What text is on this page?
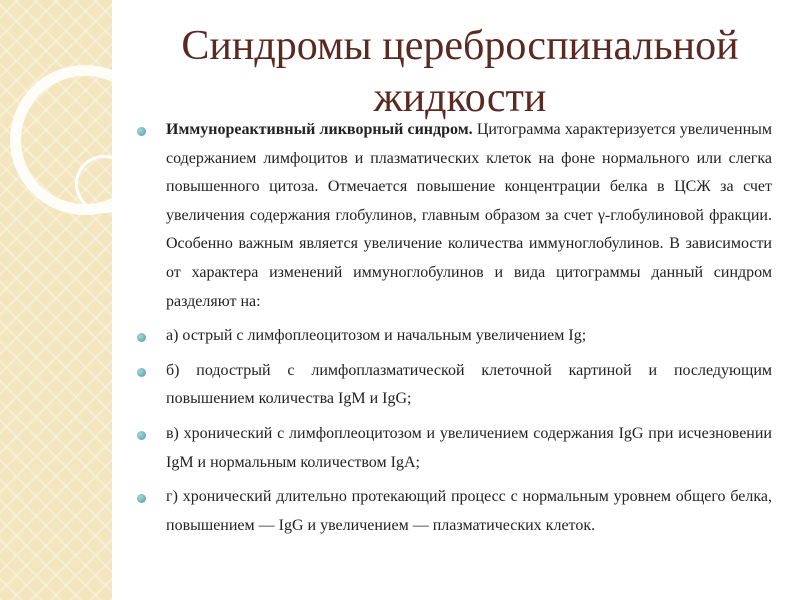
Синдромы цереброспинальной жидкости

Иммунореактивный ликворный синдром. Цитограмма характеризуется увеличенным содержанием лимфоцитов и плазматических клеток на фоне нормального или слегка повышенного цитоза. Отмечается повышение концентрации белка в ЦСЖ за счет увеличения содержания глобулинов, главным образом за счет γ-глобулиновой фракции. Особенно важным является увеличение количества иммуноглобулинов. В зависимости от характера изменений иммуноглобулинов и вида цитограммы данный синдром разделяют на:

а) острый с лимфоплеоцитозом и начальным увеличением Ig;

б) подострый с лимфоплазматической клеточной картиной и последующим повышением количества IgM и IgG;

в) хронический с лимфоплеоцитозом и увеличением содержания IgG при исчезновении IgM и нормальным количеством IgA;

г) хронический длительно протекающий процесс с нормальным уровнем общего белка, повышением — IgG и увеличением — плазматических клеток.
